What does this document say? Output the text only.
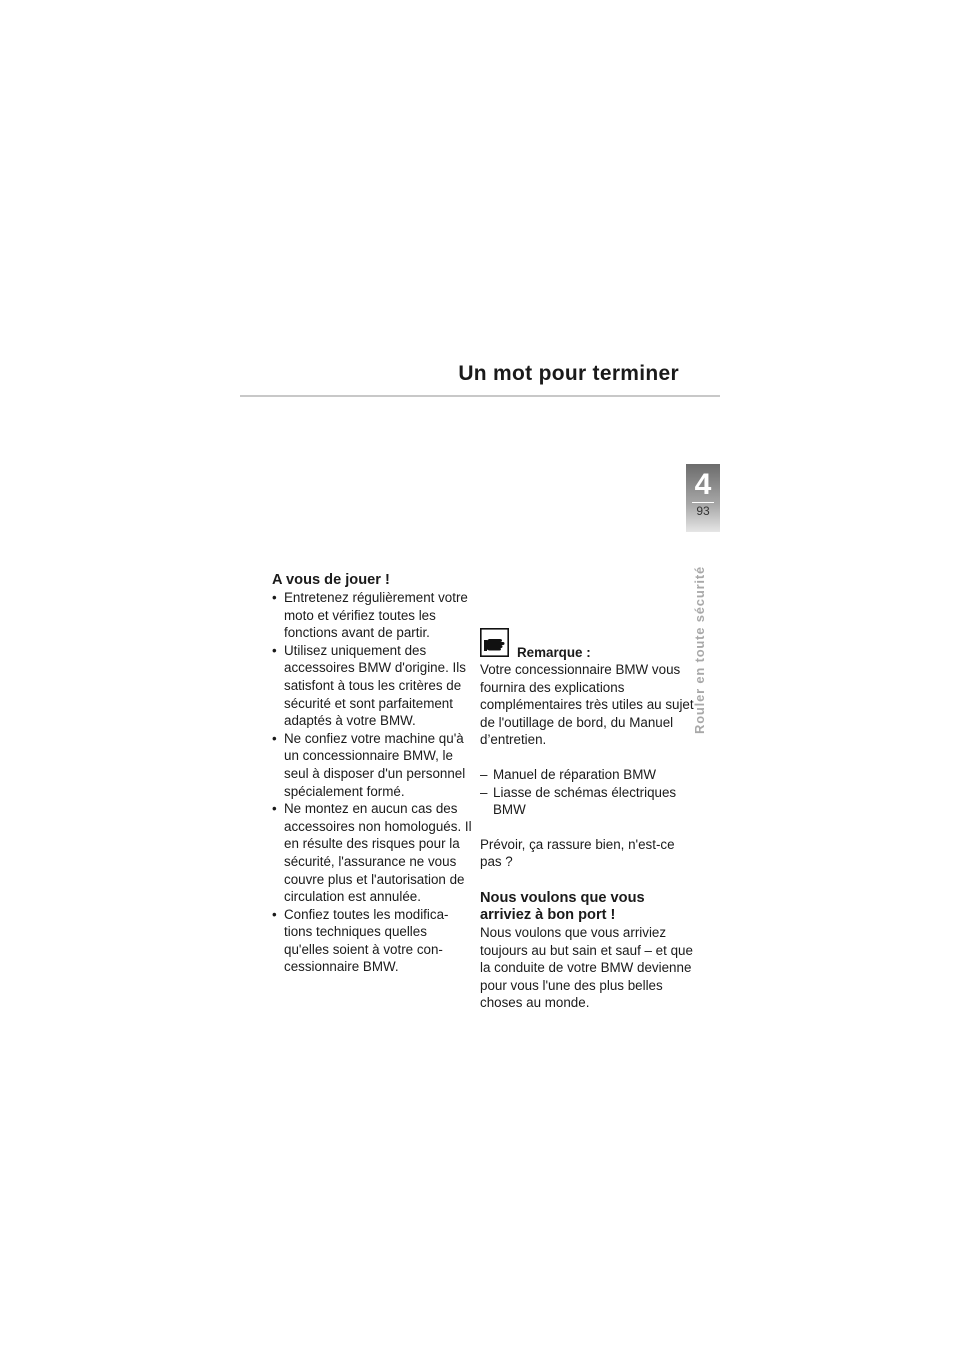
Un mot pour terminer
4
93
Rouler en toute sécurité
A vous de jouer !
• Entretenez régulièrement votre moto et vérifiez toutes les fonctions avant de partir.
• Utilisez uniquement des accessoires BMW d'origine. Ils satisfont à tous les critères de sécurité et sont parfaitement adaptés à votre BMW.
• Ne confiez votre machine qu'à un concessionnaire BMW, le seul à disposer d'un personnel spécialement formé.
• Ne montez en aucun cas des accessoires non homologués. Il en résulte des risques pour la sécurité, l'assurance ne vous couvre plus et l'autorisation de circulation est annulée.
• Confiez toutes les modifications techniques quelles qu'elles soient à votre concessionnaire BMW.
Remarque :

Votre concessionnaire BMW vous fournira des explications complémentaires très utiles au sujet de l'outillage de bord, du Manuel d’entretien.

– Manuel de réparation BMW
– Liasse de schémas électriques BMW

Prévoir, ça rassure bien, n'est-ce pas ?

Nous voulons que vous arriviez à bon port !

Nous voulons que vous arriviez toujours au but sain et sauf – et que la conduite de votre BMW devienne pour vous l'une des plus belles choses au monde.
